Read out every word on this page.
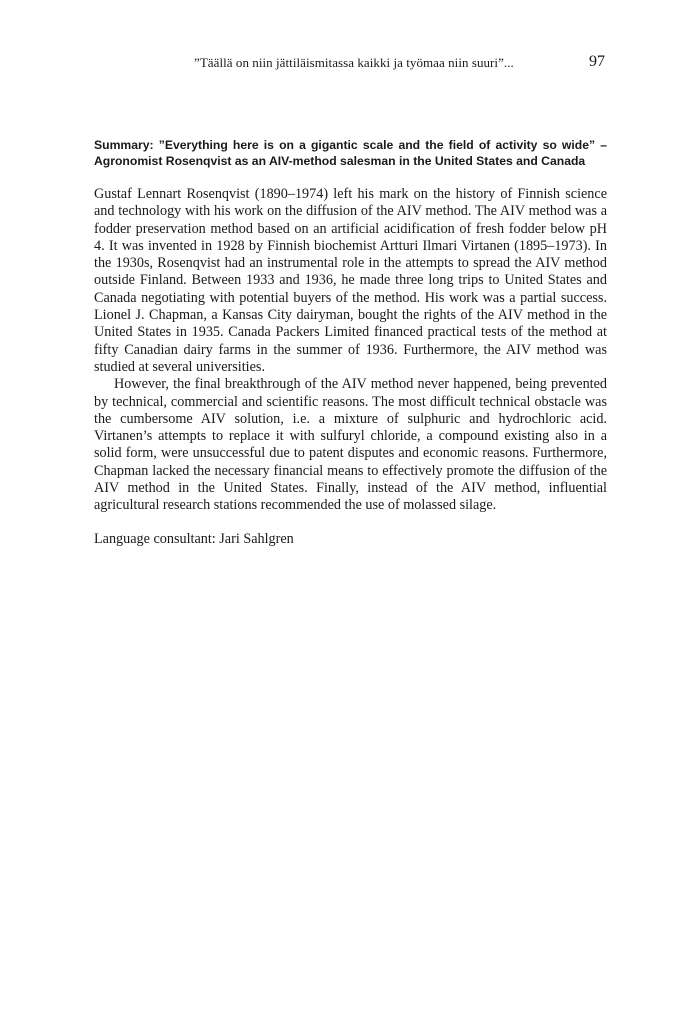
”Täällä on niin jättiläismitassa kaikki ja työmaa niin suuri”...	97
Summary: ”Everything here is on a gigantic scale and the field of activity so wide” – Agronomist Rosenqvist as an AIV-method salesman in the United States and Canada

Gustaf Lennart Rosenqvist (1890–1974) left his mark on the history of Finnish science and technology with his work on the diffusion of the AIV method. The AIV method was a fodder preservation method based on an artificial acidification of fresh fodder below pH 4. It was invented in 1928 by Finnish biochemist Artturi Ilmari Virtanen (1895–1973). In the 1930s, Rosenqvist had an instrumental role in the attempts to spread the AIV method outside Finland. Between 1933 and 1936, he made three long trips to United States and Canada negotiating with potential buyers of the method. His work was a partial success. Lionel J. Chapman, a Kansas City dairyman, bought the rights of the AIV method in the United States in 1935. Canada Packers Limited financed practical tests of the method at fifty Canadian dairy farms in the summer of 1936. Furthermore, the AIV method was studied at several universities.

However, the final breakthrough of the AIV method never happened, being prevented by technical, commercial and scientific reasons. The most difficult technical obstacle was the cumbersome AIV solution, i.e. a mixture of sulphuric and hydrochloric acid. Virtanen’s attempts to replace it with sulfuryl chloride, a compound existing also in a solid form, were unsuccessful due to patent disputes and economic reasons. Furthermore, Chapman lacked the necessary financial means to effectively promote the diffusion of the AIV method in the United States. Finally, instead of the AIV method, influential agricultural research stations recommended the use of molassed silage.

Language consultant: Jari Sahlgren
